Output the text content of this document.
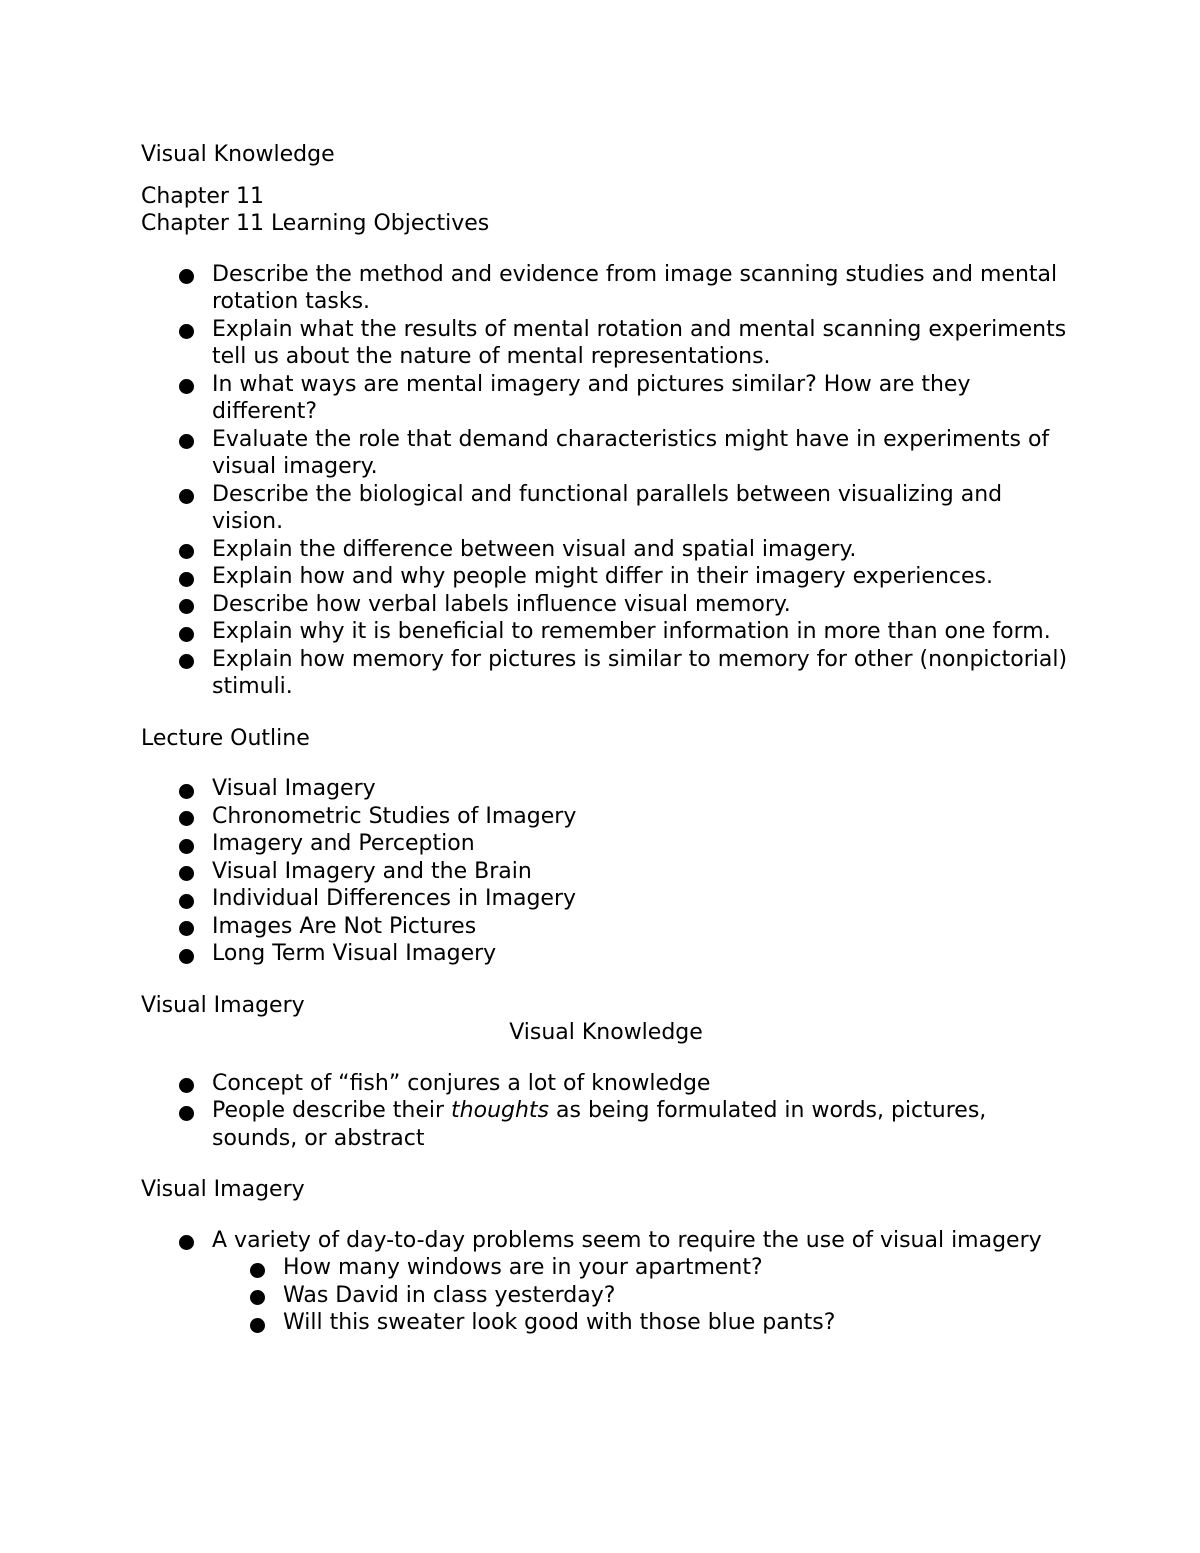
Visual Knowledge

Chapter 11

Chapter 11 Learning Objectives

Describe the method and evidence from image scanning studies and mental rotation tasks.
Explain what the results of mental rotation and mental scanning experiments tell us about the nature of mental representations.
In what ways are mental imagery and pictures similar? How are they different?
Evaluate the role that demand characteristics might have in experiments of visual imagery.
Describe the biological and functional parallels between visualizing and vision.
Explain the difference between visual and spatial imagery.
Explain how and why people might differ in their imagery experiences.
Describe how verbal labels influence visual memory.
Explain why it is beneficial to remember information in more than one form.
Explain how memory for pictures is similar to memory for other (nonpictorial) stimuli.

Lecture Outline

Visual Imagery
Chronometric Studies of Imagery
Imagery and Perception
Visual Imagery and the Brain
Individual Differences in Imagery
Images Are Not Pictures
Long Term Visual Imagery

Visual Imagery

Visual Knowledge

Concept of “fish” conjures a lot of knowledge
People describe their thoughts as being formulated in words, pictures, sounds, or abstract

Visual Imagery

A variety of day-to-day problems seem to require the use of visual imagery
How many windows are in your apartment?
Was David in class yesterday?
Will this sweater look good with those blue pants?
